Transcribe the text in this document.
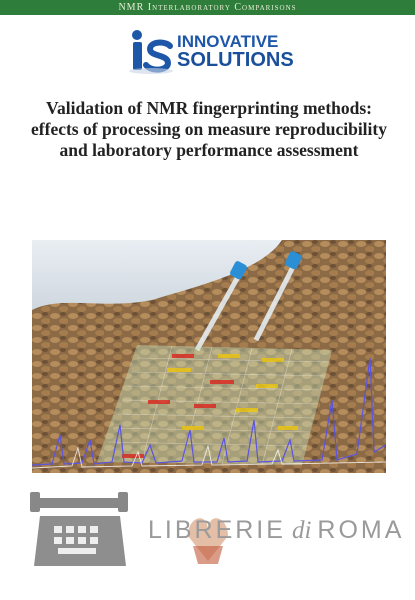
NMR Interlaboratory Comparisons
INNOVATIVE
SOLUTIONS
Validation of NMR fingerprinting methods:
effects of processing on measure reproducibility
and laboratory performance assessment
LIBRERIE di ROMA
